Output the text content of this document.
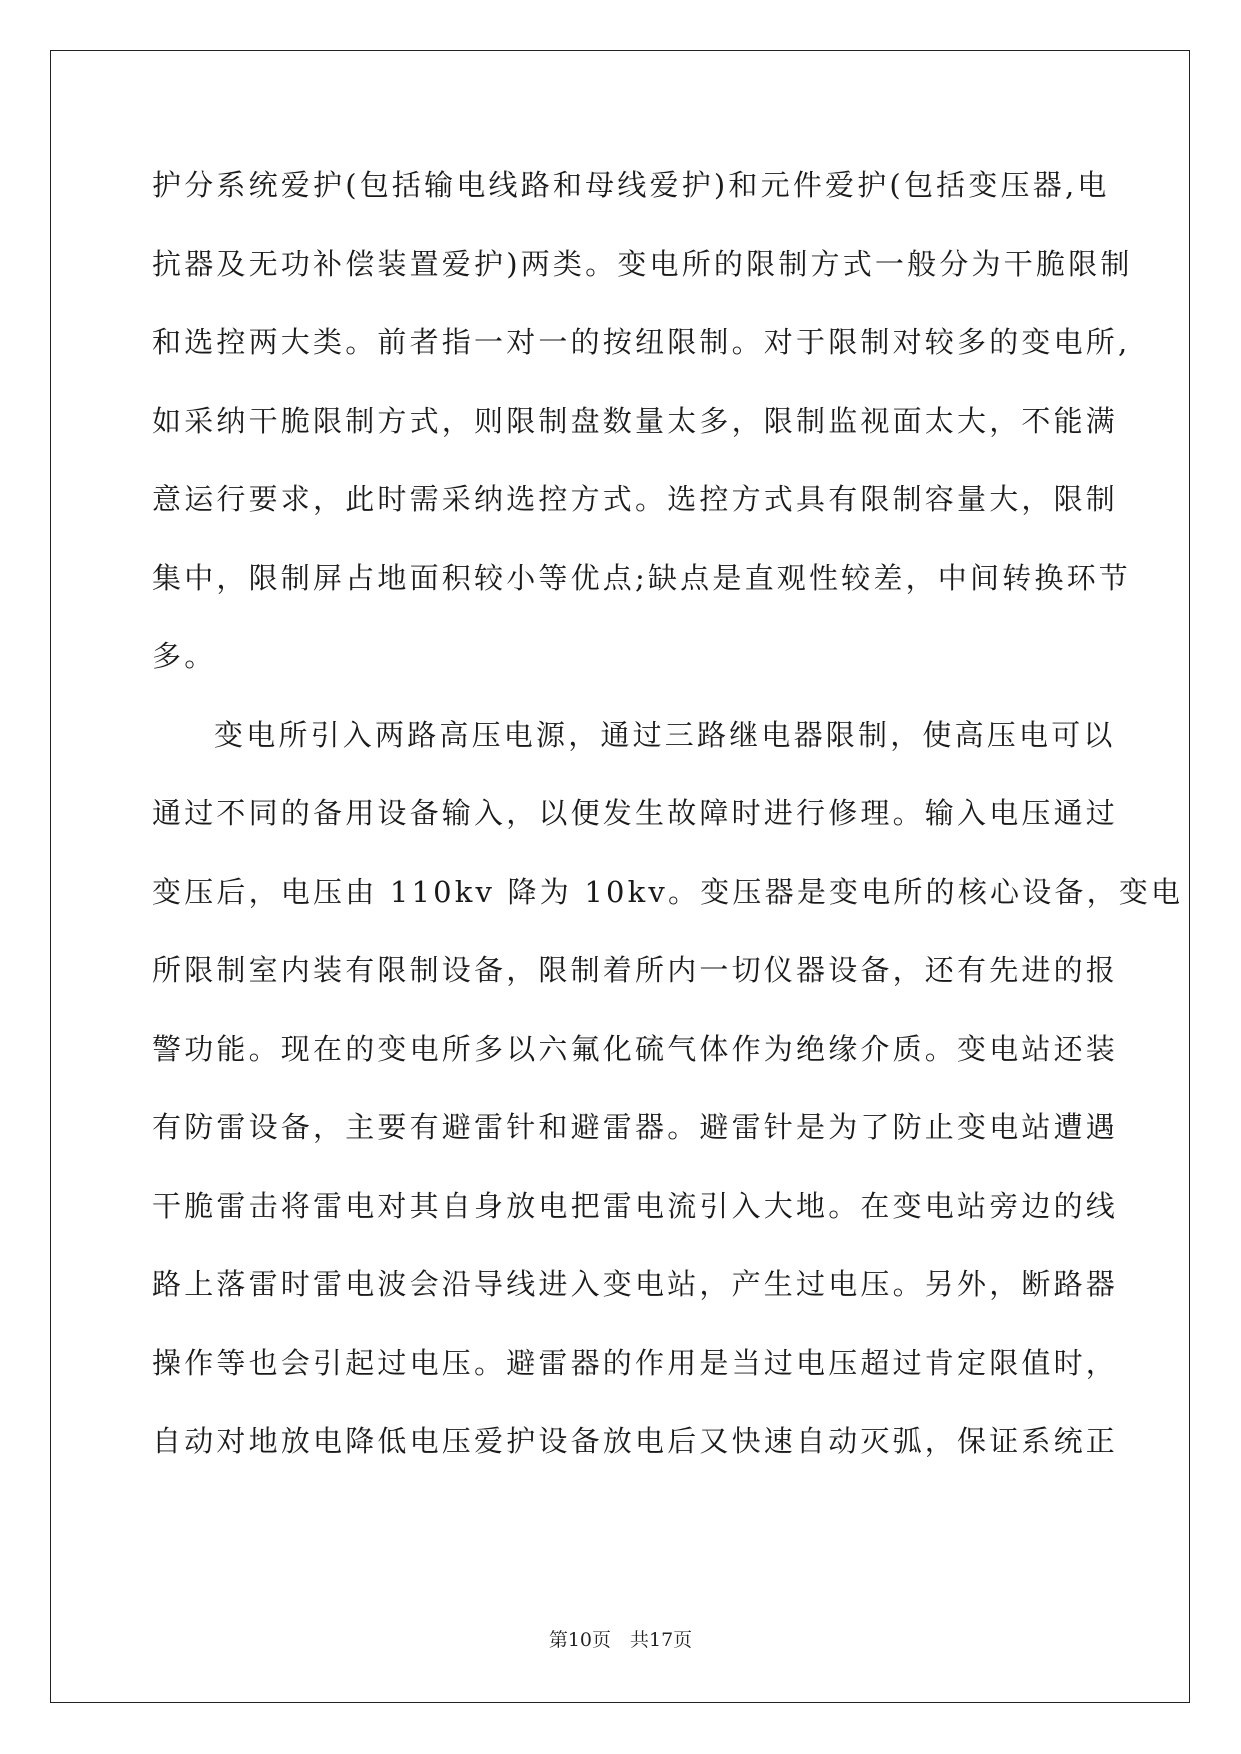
护分系统爱护(包括输电线路和母线爱护)和元件爱护(包括变压器,电
抗器及无功补偿装置爱护)两类。变电所的限制方式一般分为干脆限制
和选控两大类。前者指一对一的按纽限制。对于限制对较多的变电所,
如采纳干脆限制方式，则限制盘数量太多，限制监视面太大，不能满
意运行要求，此时需采纳选控方式。选控方式具有限制容量大，限制
集中，限制屏占地面积较小等优点;缺点是直观性较差，中间转换环节
多。
变电所引入两路高压电源，通过三路继电器限制，使高压电可以
通过不同的备用设备输入，以便发生故障时进行修理。输入电压通过
变压后，电压由 110kv 降为 10kv。变压器是变电所的核心设备，变电
所限制室内装有限制设备，限制着所内一切仪器设备，还有先进的报
警功能。现在的变电所多以六氟化硫气体作为绝缘介质。变电站还装
有防雷设备，主要有避雷针和避雷器。避雷针是为了防止变电站遭遇
干脆雷击将雷电对其自身放电把雷电流引入大地。在变电站旁边的线
路上落雷时雷电波会沿导线进入变电站，产生过电压。另外，断路器
操作等也会引起过电压。避雷器的作用是当过电压超过肯定限值时，
自动对地放电降低电压爱护设备放电后又快速自动灭弧，保证系统正
第10页　共17页
